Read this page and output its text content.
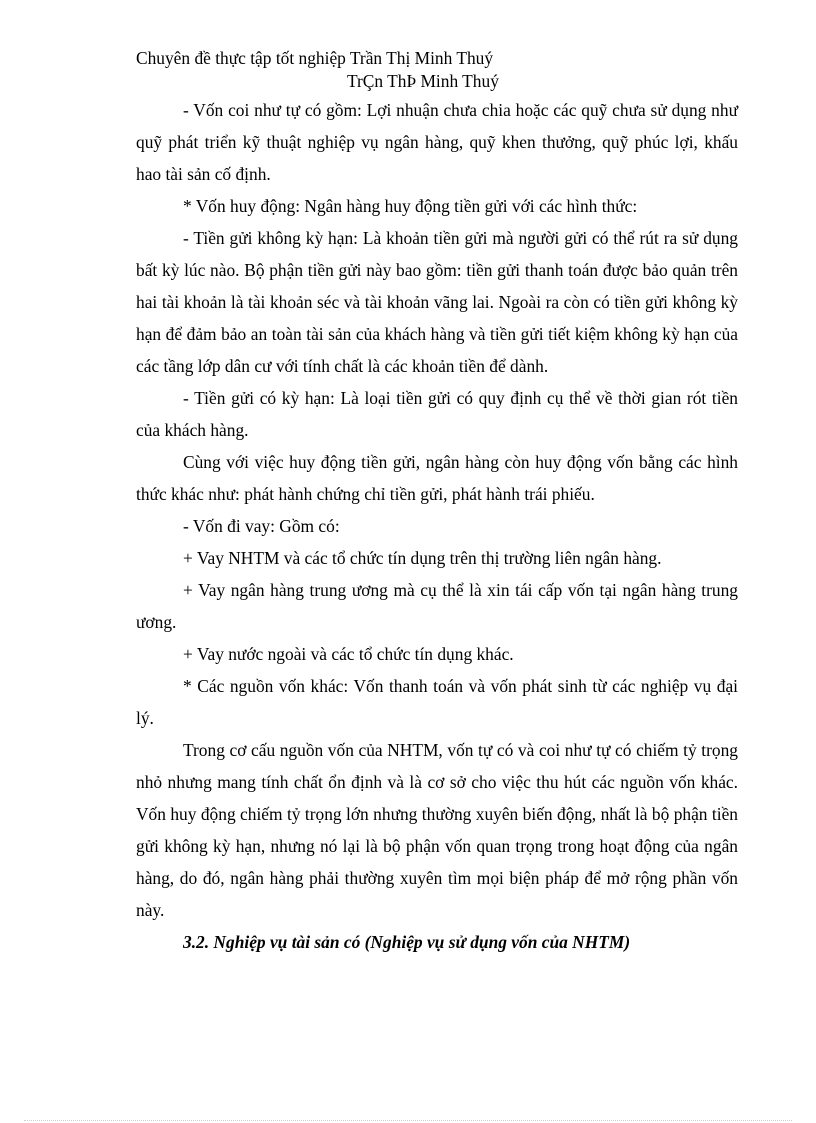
Chuyên đề thực tập tốt nghiệp Trần Thị Minh Thuý
TrÇn ThÞ Minh Thuý

- Vốn coi như tự có gồm: Lợi nhuận chưa chia hoặc các quỹ chưa sử dụng như quỹ phát triển kỹ thuật nghiệp vụ ngân hàng, quỹ khen thưởng, quỹ phúc lợi, khấu hao tài sản cố định.

* Vốn huy động: Ngân hàng huy động tiền gửi với các hình thức:

- Tiền gửi không kỳ hạn: Là khoản tiền gửi mà người gửi có thể rút ra sử dụng bất kỳ lúc nào. Bộ phận tiền gửi này bao gồm: tiền gửi thanh toán được bảo quản trên hai tài khoản là tài khoản séc và tài khoản vãng lai. Ngoài ra còn có tiền gửi không kỳ hạn để đảm bảo an toàn tài sản của khách hàng và tiền gửi tiết kiệm không kỳ hạn của các tầng lớp dân cư với tính chất là các khoản tiền để dành.

- Tiền gửi có kỳ hạn: Là loại tiền gửi có quy định cụ thể về thời gian rót tiền của khách hàng.

Cùng với việc huy động tiền gửi, ngân hàng còn huy động vốn bằng các hình thức khác như: phát hành chứng chỉ tiền gửi, phát hành trái phiếu.

- Vốn đi vay: Gồm có:

+ Vay NHTM và các tổ chức tín dụng trên thị trường liên ngân hàng.

+ Vay ngân hàng trung ương mà cụ thể là xin tái cấp vốn tại ngân hàng trung ương.

+ Vay nước ngoài và các tổ chức tín dụng khác.

* Các nguồn vốn khác: Vốn thanh toán và vốn phát sinh từ các nghiệp vụ đại lý.

Trong cơ cấu nguồn vốn của NHTM, vốn tự có và coi như tự có chiếm tỷ trọng nhỏ nhưng mang tính chất ổn định và là cơ sở cho việc thu hút các nguồn vốn khác. Vốn huy động chiếm tỷ trọng lớn nhưng thường xuyên biến động, nhất là bộ phận tiền gửi không kỳ hạn, nhưng nó lại là bộ phận vốn quan trọng trong hoạt động của ngân hàng, do đó, ngân hàng phải thường xuyên tìm mọi biện pháp để mở rộng phần vốn này.

3.2. Nghiệp vụ tài sản có (Nghiệp vụ sử dụng vốn của NHTM)
